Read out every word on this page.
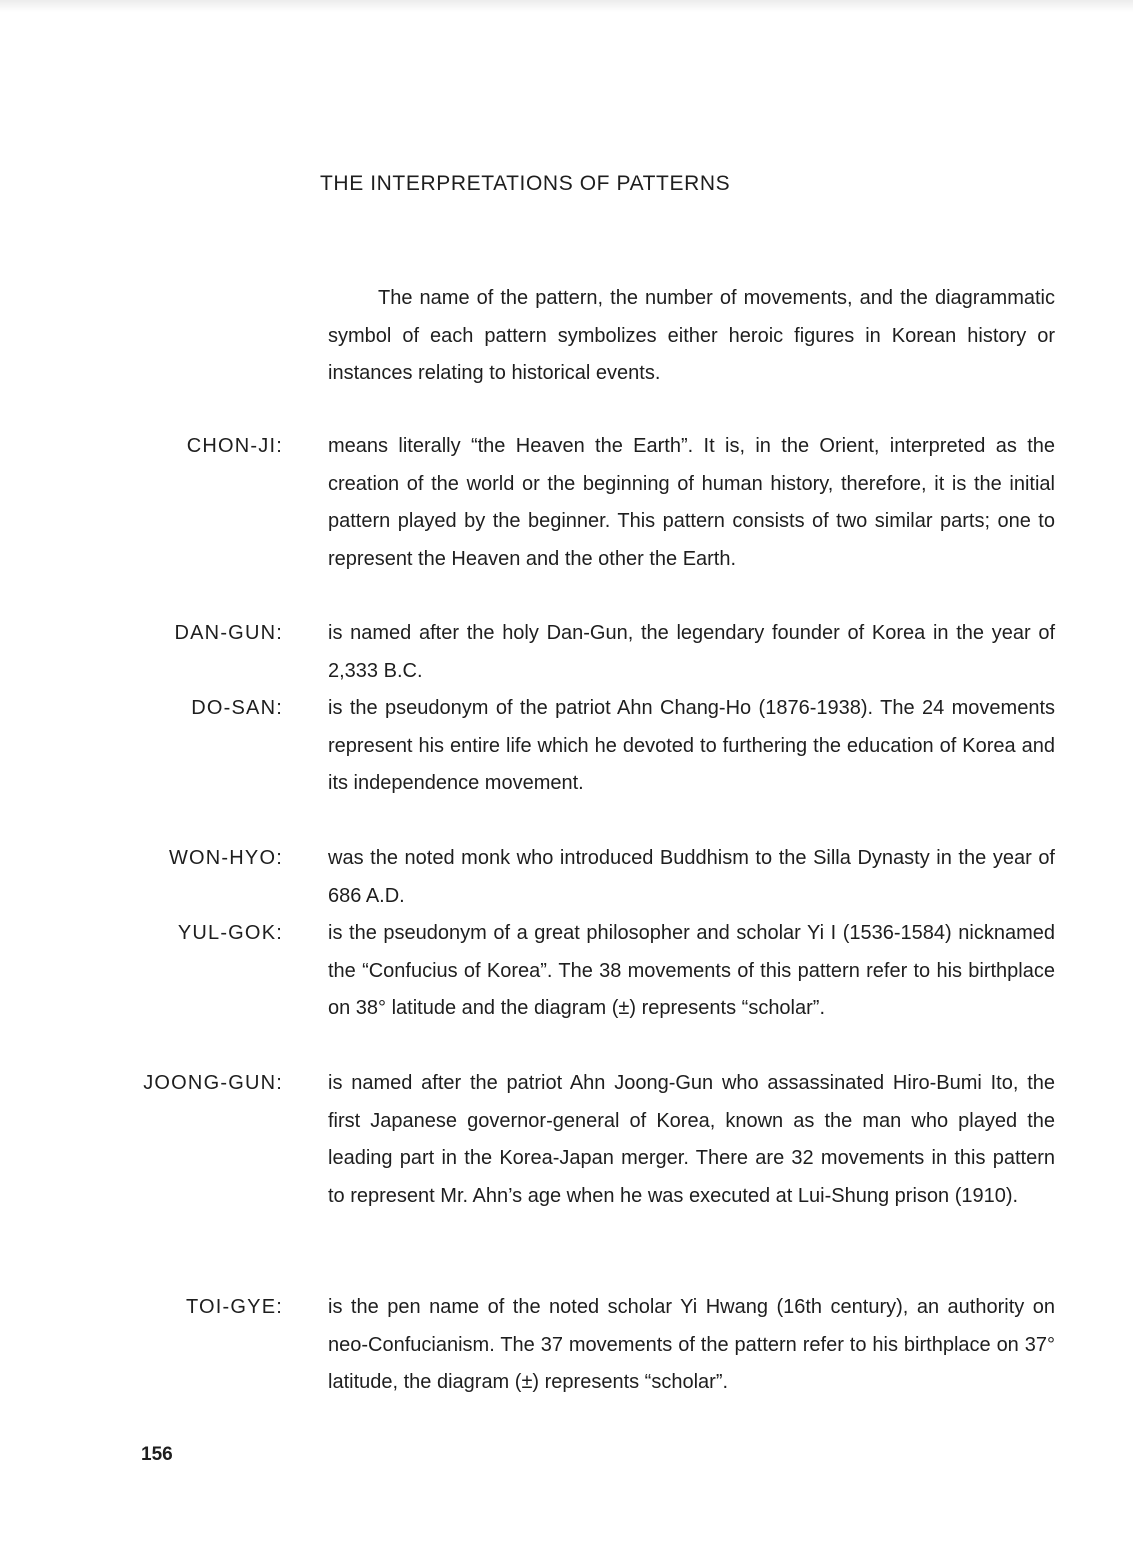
THE INTERPRETATIONS OF PATTERNS

The name of the pattern, the number of movements, and the diagrammatic symbol of each pattern symbolizes either heroic figures in Korean history or instances relating to historical events.

CHON-JI: means literally “the Heaven the Earth”. It is, in the Orient, interpreted as the creation of the world or the beginning of human history, therefore, it is the initial pattern played by the beginner. This pattern consists of two similar parts; one to represent the Heaven and the other the Earth.

DAN-GUN: is named after the holy Dan-Gun, the legendary founder of Korea in the year of 2,333 B.C.

DO-SAN: is the pseudonym of the patriot Ahn Chang-Ho (1876-1938). The 24 movements represent his entire life which he devoted to furthering the education of Korea and its independence movement.

WON-HYO: was the noted monk who introduced Buddhism to the Silla Dynasty in the year of 686 A.D.

YUL-GOK: is the pseudonym of a great philosopher and scholar Yi I (1536-1584) nicknamed the “Confucius of Korea”. The 38 movements of this pattern refer to his birthplace on 38° latitude and the diagram (±) represents “scholar”.

JOONG-GUN: is named after the patriot Ahn Joong-Gun who assassinated Hiro-Bumi Ito, the first Japanese governor-general of Korea, known as the man who played the leading part in the Korea-Japan merger. There are 32 movements in this pattern to represent Mr. Ahn’s age when he was executed at Lui-Shung prison (1910).

TOI-GYE: is the pen name of the noted scholar Yi Hwang (16th century), an authority on neo-Confucianism. The 37 movements of the pattern refer to his birthplace on 37° latitude, the diagram (±) represents “scholar”.

156
